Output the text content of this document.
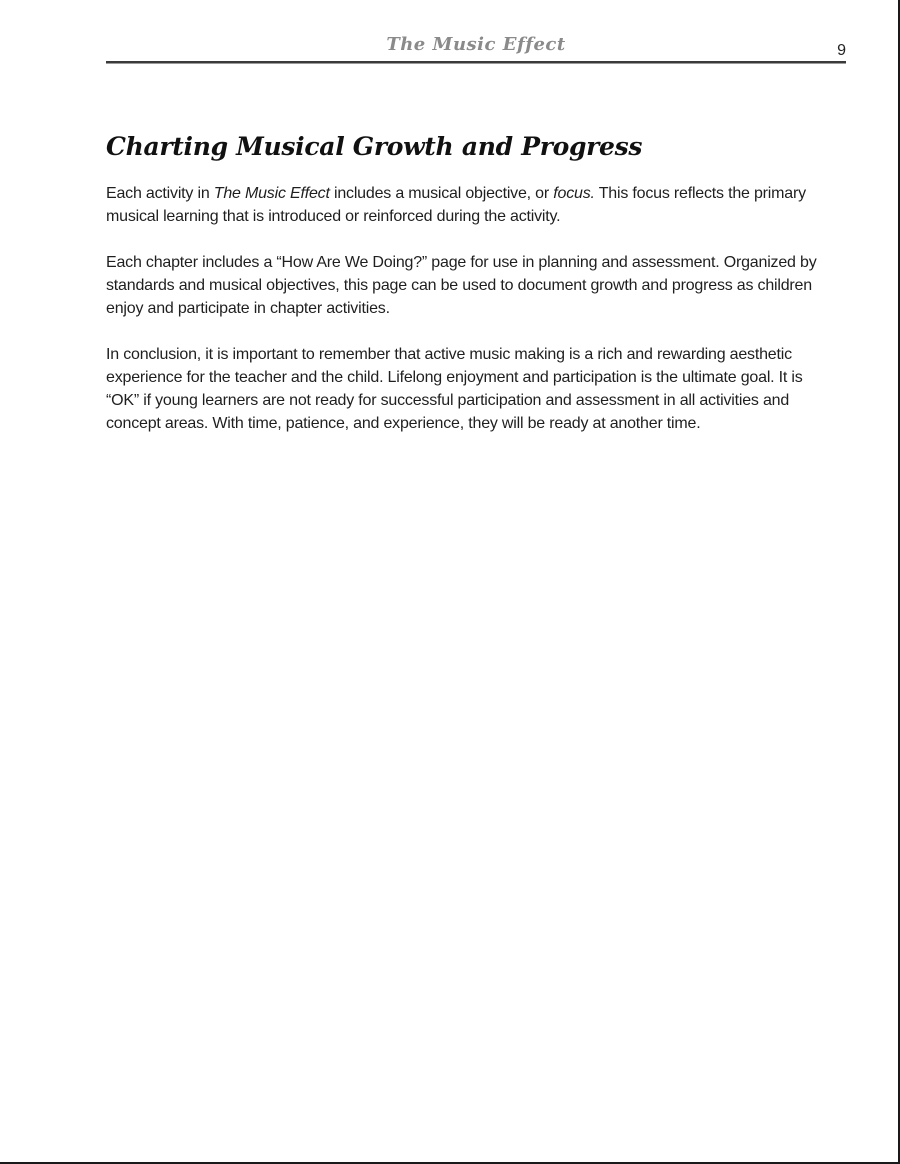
The Music Effect	9
Charting Musical Growth and Progress

Each activity in The Music Effect includes a musical objective, or focus. This focus reflects the primary musical learning that is introduced or reinforced during the activity.

Each chapter includes a “How Are We Doing?” page for use in planning and assessment. Organized by standards and musical objectives, this page can be used to document growth and progress as children enjoy and participate in chapter activities.

In conclusion, it is important to remember that active music making is a rich and rewarding aesthetic experience for the teacher and the child. Lifelong enjoyment and participation is the ultimate goal. It is “OK” if young learners are not ready for successful participation and assessment in all activities and concept areas. With time, patience, and experience, they will be ready at another time.
